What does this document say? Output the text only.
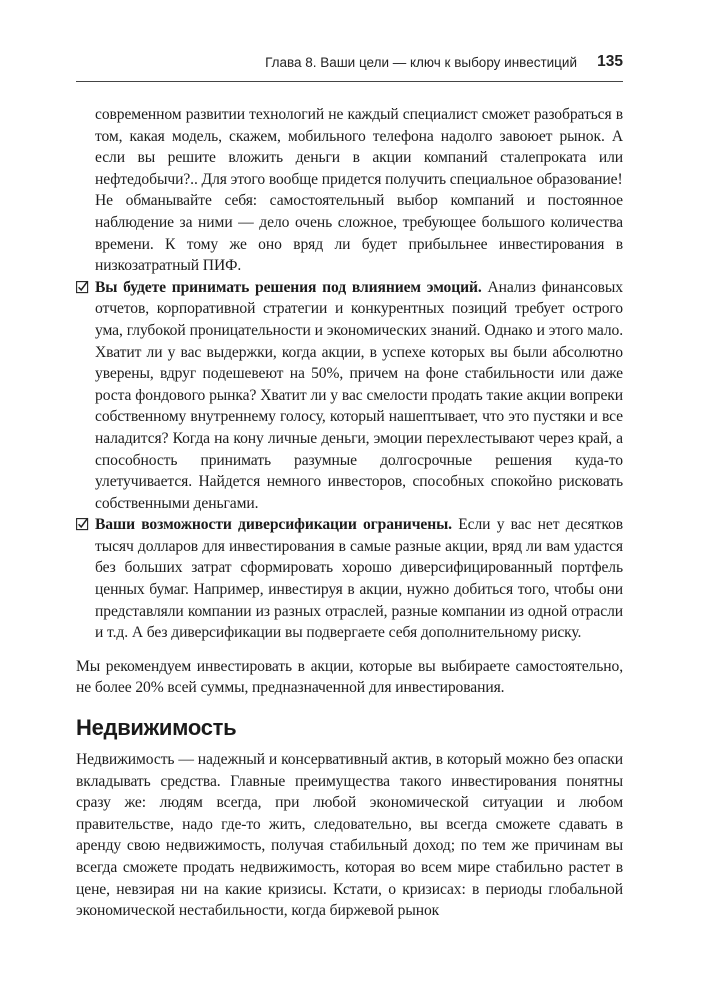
Глава 8. Ваши цели — ключ к выбору инвестиций 135

современном развитии технологий не каждый специалист сможет разобраться в том, какая модель, скажем, мобильного телефона надолго завоюет рынок. А если вы решите вложить деньги в акции компаний сталепроката или нефтедобычи?.. Для этого вообще придется получить специальное образование!

Не обманывайте себя: самостоятельный выбор компаний и постоянное наблюдение за ними — дело очень сложное, требующее большого количества времени. К тому же оно вряд ли будет прибыльнее инвестирования в низкозатратный ПИФ.

Вы будете принимать решения под влиянием эмоций. Анализ финансовых отчетов, корпоративной стратегии и конкурентных позиций требует острого ума, глубокой проницательности и экономических знаний. Однако и этого мало. Хватит ли у вас выдержки, когда акции, в успехе которых вы были абсолютно уверены, вдруг подешевеют на 50%, причем на фоне стабильности или даже роста фондового рынка? Хватит ли у вас смелости продать такие акции вопреки собственному внутреннему голосу, который нашептывает, что это пустяки и все наладится? Когда на кону личные деньги, эмоции перехлестывают через край, а способность принимать разумные долгосрочные решения куда-то улетучивается. Найдется немного инвесторов, способных спокойно рисковать собственными деньгами.
Ваши возможности диверсификации ограничены. Если у вас нет десятков тысяч долларов для инвестирования в самые разные акции, вряд ли вам удастся без больших затрат сформировать хорошо диверсифицированный портфель ценных бумаг. Например, инвестируя в акции, нужно добиться того, чтобы они представляли компании из разных отраслей, разные компании из одной отрасли и т.д. А без диверсификации вы подвергаете себя дополнительному риску.

Мы рекомендуем инвестировать в акции, которые вы выбираете самостоятельно, не более 20% всей суммы, предназначенной для инвестирования.

Недвижимость

Недвижимость — надежный и консервативный актив, в который можно без опаски вкладывать средства. Главные преимущества такого инвестирования понятны сразу же: людям всегда, при любой экономической ситуации и любом правительстве, надо где-то жить, следовательно, вы всегда сможете сдавать в аренду свою недвижимость, получая стабильный доход; по тем же причинам вы всегда сможете продать недвижимость, которая во всем мире стабильно растет в цене, невзирая ни на какие кризисы. Кстати, о кризисах: в периоды глобальной экономической нестабильности, когда биржевой рынок
